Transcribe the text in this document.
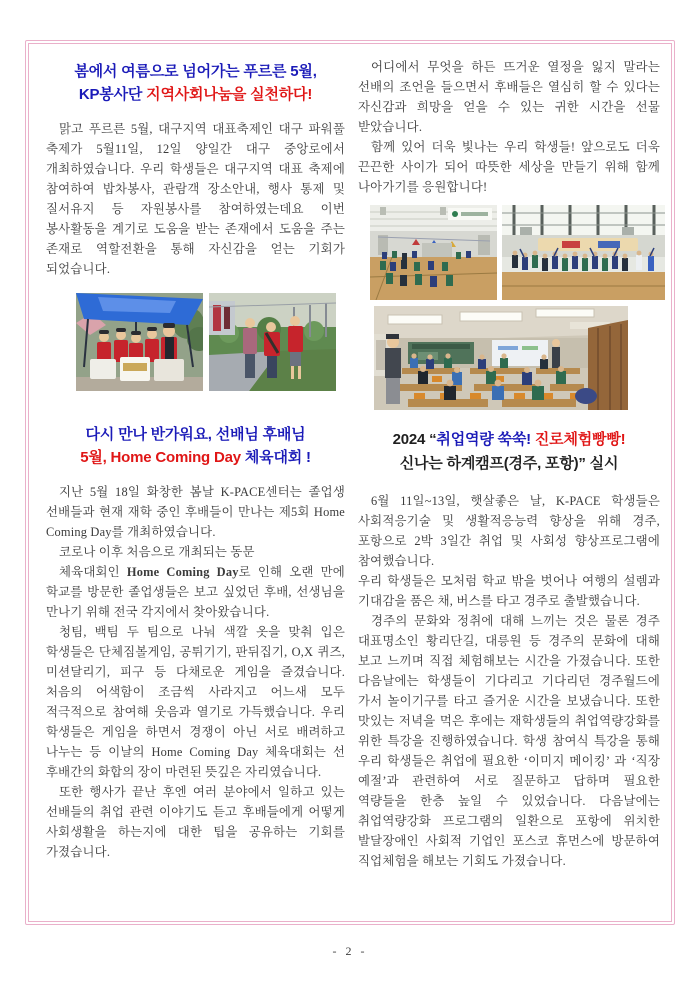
봄에서 여름으로 넘어가는 푸르른 5월,
KP봉사단 지역사회나눔을 실천하다!

맑고 푸르른 5월, 대구지역 대표축제인 대구 파워풀 축제가 5월11일, 12일 양일간 대구 중앙로에서 개최하였습니다. 우리 학생들은 대구지역 대표 축제에 참여하여 밥차봉사, 관람객 장소안내, 행사 통제 및 질서유지 등 자원봉사를 참여하였는데요 이번 봉사활동을 계기로 도움을 받는 존재에서 도움을 주는 존재로 역할전환을 통해 자신감을 얻는 기회가 되었습니다.

다시 만나 반가워요, 선배님 후배님
5월, Home Coming Day 체육대회 !

지난 5월 18일 화창한 봄날 K-PACE센터는 졸업생 선배들과 현재 재학 중인 후배들이 만나는 제5회 Home Coming Day를 개최하였습니다.

코로나 이후 처음으로 개최되는 동문

체육대회인 Home Coming Day로 인해 오랜 만에 학교를 방문한 졸업생들은 보고 싶었던 후배, 선생님을 만나기 위해 전국 각지에서 찾아왔습니다.

청팀, 백팀 두 팀으로 나눠 색깔 옷을 맞춰 입은 학생들은 단체짐볼게임, 공튀기기, 판뒤집기, O,X 퀴즈, 미션달리기, 피구 등 다채로운 게임을 즐겼습니다. 처음의 어색함이 조금씩 사라지고 어느새 모두 적극적으로 참여해 웃음과 열기로 가득했습니다. 우리 학생들은 게임을 하면서 경쟁이 아닌 서로 배려하고 나누는 등 이날의 Home Coming Day 체육대회는 선 후배간의 화합의 장이 마련된 뜻깊은 자리였습니다.

또한 행사가 끝난 후엔 여러 분야에서 일하고 있는 선배들의 취업 관련 이야기도 듣고 후배들에게 어떻게 사회생활을 하는지에 대한 팁을 공유하는 기회를 가졌습니다.

어디에서 무엇을 하든 뜨거운 열정을 잃지 말라는 선배의 조언을 들으면서 후배들은 열심히 할 수 있다는 자신감과 희망을 얻을 수 있는 귀한 시간을 선물 받았습니다.

함께 있어 더욱 빛나는 우리 학생들! 앞으로도 더욱 끈끈한 사이가 되어 따뜻한 세상을 만들기 위해 함께 나아가기를 응원합니다!

2024 “취업역량 쑥쑥! 진로체험빵빵!
신나는 하계캠프(경주, 포항)” 실시

6월 11일~13일, 햇살좋은 날, K-PACE 학생들은 사회적응기술 및 생활적응능력 향상을 위해 경주, 포항으로 2박 3일간 취업 및 사회성 향상프로그램에 참여했습니다.

우리 학생들은 모처럼 학교 밖을 벗어나 여행의 설렘과 기대감을 품은 채, 버스를 타고 경주로 출발했습니다.

경주의 문화와 정취에 대해 느끼는 것은 물론 경주 대표명소인 황리단길, 대릉원 등 경주의 문화에 대해 보고 느끼며 직접 체험해보는 시간을 가졌습니다. 또한 다음날에는 학생들이 기다리고 기다리던 경주월드에 가서 놀이기구를 타고 즐거운 시간을 보냈습니다. 또한 맛있는 저녁을 먹은 후에는 재학생들의 취업역량강화를 위한 특강을 진행하였습니다. 학생 참여식 특강을 통해 우리 학생들은 취업에 필요한 ‘이미지 메이킹’ 과 ‘직장 예절’과 관련하여 서로 질문하고 답하며 필요한 역량들을 한층 높일 수 있었습니다. 다음날에는 취업역량강화 프로그램의 일환으로 포항에 위치한 발달장애인 사회적 기업인 포스코 휴먼스에 방문하여 직업체험을 해보는 기회도 가졌습니다.

- 2 -
